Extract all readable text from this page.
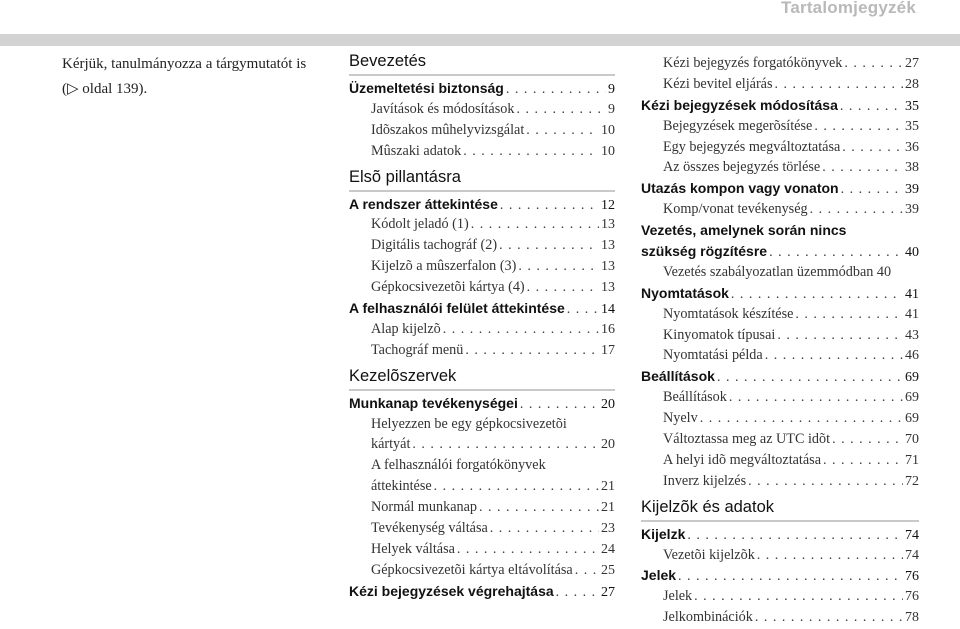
Tartalomjegyzék
Kérjük, tanulmányozza a tárgymutatót is (▷ oldal 139).
Bevezetés
Üzemeltetési biztonság . . .	9
Javítások és módosítások . . .	9
Idõszakos mûhelyvizsgálat . . .	10
Mûszaki adatok . . .	10
Elsõ pillantásra
A rendszer áttekintése . . .	12
Kódolt jeladó (1) . . .	13
Digitális tachográf (2) . . .	13
Kijelzõ a mûszerfalon (3) . . .	13
Gépkocsivezetõi kártya (4) . . .	13
A felhasználói felület áttekintése . . .	14
Alap kijelzõ . . .	16
Tachográf menü . . .	17
Kezelõszervek
Munkanap tevékenységei . . .	20
Helyezzen be egy gépkocsivezetõi
kártyát . . .	20
A felhasználói forgatókönyvek
áttekintése . . .	21
Normál munkanap . . .	21
Tevékenység váltása . . .	23
Helyek váltása . . .	24
Gépkocsivezetõi kártya eltávolítása . . . 25
Kézi bejegyzések végrehajtása . . .	27
Kézi bejegyzés forgatókönyvek . . .	27
Kézi bevitel eljárás . . .	28
Kézi bejegyzések módosítása . . .	35
Bejegyzések megerõsítése . . .	35
Egy bejegyzés megváltoztatása . . .	36
Az összes bejegyzés törlése . . .	38
Utazás kompon vagy vonaton . . .	39
Komp/vonat tevékenység . . .	39
Vezetés, amelynek során nincs
szükség rögzítésre . . .	40
Vezetés szabályozatlan üzemmódban 40
Nyomtatások . . .	41
Nyomtatások készítése . . .	41
Kinyomatok típusai . . .	43
Nyomtatási példa . . .	46
Beállítások . . .	69
Beállítások . . .	69
Nyelv . . .	69
Változtassa meg az UTC idõt . . .	70
A helyi idõ megváltoztatása . . .	71
Inverz kijelzés . . .	72
Kijelzõk és adatok
Kijelzk . . .	74
Vezetõi kijelzõk . . .	74
Jelek . . .	76
Jelek . . .	76
Jelkombinációk . . .	78
